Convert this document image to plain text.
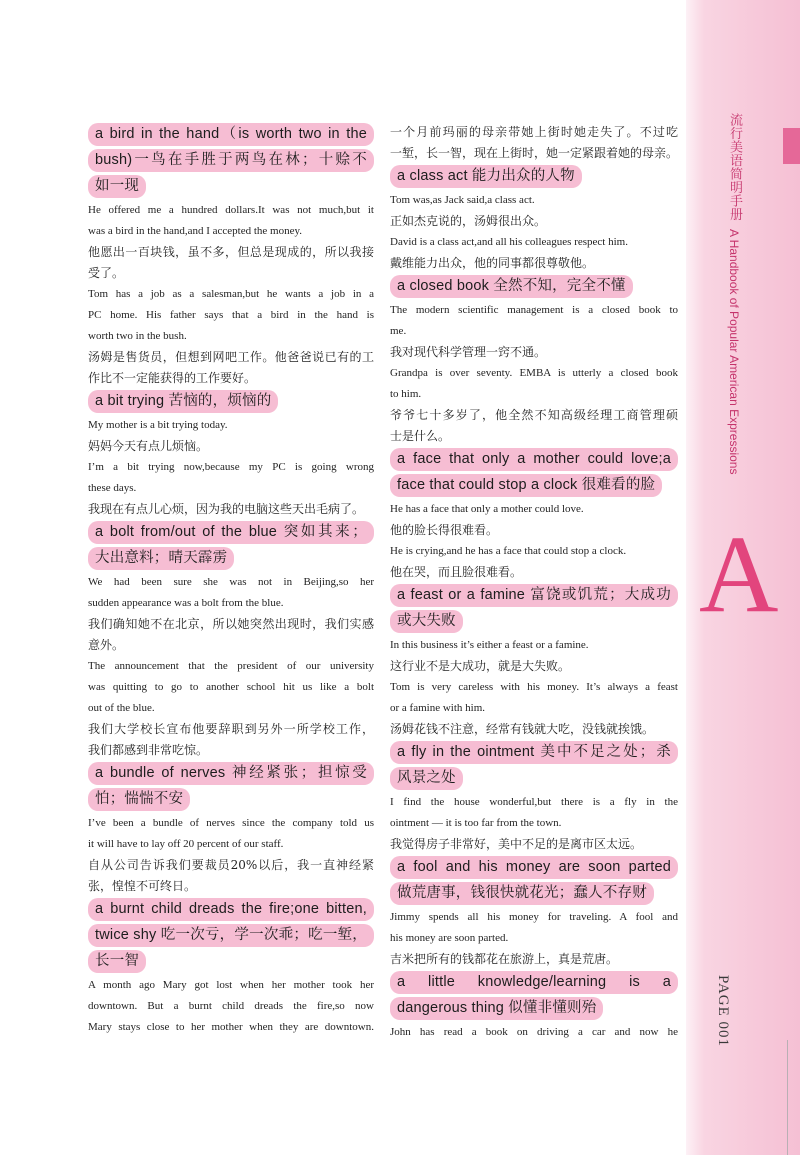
流行美语简明手册 A Handbook of Popular American Expressions
A
PAGE 001
a bird in the hand（is worth two in the
bush)一鸟在手胜于两鸟在林；十赊不
如一现
He offered me a hundred dollars.It was not much,but it
was a bird in the hand,and I accepted the money.
他愿出一百块钱，虽不多，但总是现成的，所以我接
受了。
Tom has a job as a salesman,but he wants a job in a
PC home. His father says that a bird in the hand is
worth two in the bush.
汤姆是售货员，但想到网吧工作。他爸爸说已有的工
作比不一定能获得的工作要好。
a bit trying 苦恼的，烦恼的
My mother is a bit trying today.
妈妈今天有点儿烦恼。
I’m a bit trying now,because my PC is going wrong
these days.
我现在有点儿心烦，因为我的电脑这些天出毛病了。
a bolt from/out of the blue 突如其来；
大出意料；晴天霹雳
We had been sure she was not in Beijing,so her
sudden appearance was a bolt from the blue.
我们确知她不在北京，所以她突然出现时，我们实感
意外。
The announcement that the president of our university
was quitting to go to another school hit us like a bolt
out of the blue.
我们大学校长宣布他要辞职到另外一所学校工作，
我们都感到非常吃惊。
a bundle of nerves 神经紧张；担惊受
怕；惴惴不安
I’ve been a bundle of nerves since the company told us
it will have to lay off 20 percent of our staff.
自从公司告诉我们要裁员20%以后，我一直神经紧
张，惶惶不可终日。
a burnt child dreads the fire;one bitten,
twice shy 吃一次亏，学一次乖；吃一堑，
长一智
A month ago Mary got lost when her mother took her
downtown. But a burnt child dreads the fire,so now
Mary stays close to her mother when they are downtown.
一个月前玛丽的母亲带她上街时她走失了。不过吃
一堑，长一智，现在上街时，她一定紧跟着她的母亲。
a class act 能力出众的人物
Tom was,as Jack said,a class act.
正如杰克说的，汤姆很出众。
David is a class act,and all his colleagues respect him.
戴维能力出众，他的同事都很尊敬他。
a closed book 全然不知，完全不懂
The modern scientific management is a closed book to
me.
我对现代科学管理一窍不通。
Grandpa is over seventy. EMBA is utterly a closed book
to him.
爷爷七十多岁了，他全然不知高级经理工商管理硕
士是什么。
a face that only a mother could love;a
face that could stop a clock 很难看的脸
He has a face that only a mother could love.
他的脸长得很难看。
He is crying,and he has a face that could stop a clock.
他在哭，而且脸很难看。
a feast or a famine 富饶或饥荒；大成功
或大失败
In this business it’s either a feast or a famine.
这行业不是大成功，就是大失败。
Tom is very careless with his money. It’s always a feast
or a famine with him.
汤姆花钱不注意，经常有钱就大吃，没钱就挨饿。
a fly in the ointment 美中不足之处；杀
风景之处
I find the house wonderful,but there is a fly in the
ointment — it is too far from the town.
我觉得房子非常好，美中不足的是离市区太远。
a fool and his money are soon parted
做荒唐事，钱很快就花光；蠢人不存财
Jimmy spends all his money for traveling. A fool and
his money are soon parted.
吉米把所有的钱都花在旅游上，真是荒唐。
a little knowledge/learning is a
dangerous thing 似懂非懂则殆
John has read a book on driving a car and now he
